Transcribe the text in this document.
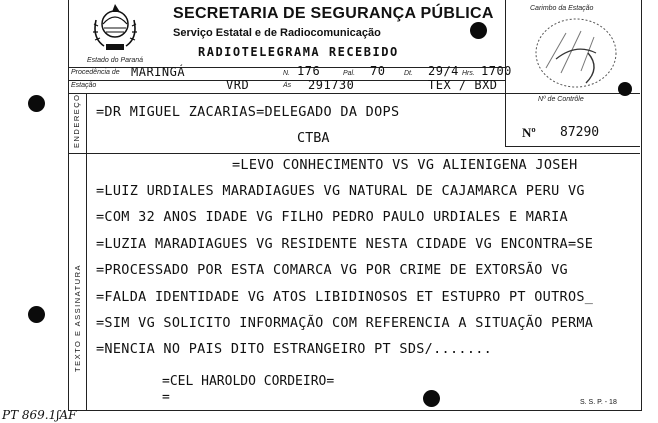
Estado do Paraná
SECRETARIA DE SEGURANÇA PÚBLICA
Serviço Estatal e de Radiocomunicação
RADIOTELEGRAMA RECEBIDO
Carimbo da Estação
Procedência de MARINGÁ	N. 176	Pal. 70	Dt. 29/4 Hrs. 1700
Estação	VRD	Às 291730	TEX / BXD
ENDEREÇO =DR MIGUEL ZACARIAS=DELEGADO DA DOPS
CTBA
Nº de Contrôle
Nº 87290
TEXTO E ASSINATURA
=LEVO CONHECIMENTO VS VG ALIENIGENA JOSEH
=LUIZ URDIALES MARADIAGUES VG NATURAL DE CAJAMARCA PERU VG
=COM 32 ANOS IDADE VG FILHO PEDRO PAULO URDIALES E MARIA
=LUZIA MARADIAGUES VG RESIDENTE NESTA CIDADE VG ENCONTRA=SE
=PROCESSADO POR ESTA COMARCA VG POR CRIME DE EXTORSÃO VG
=FALDA IDENTIDADE VG ATOS LIBIDINOSOS ET ESTUPRO PT OUTROS_
=SIM VG SOLICITO INFORMAÇÃO COM REFERENCIA A SITUAÇÃO PERMA
=NENCIA NO PAIS DITO ESTRANGEIRO PT SDS/.......
=CEL HAROLDO CORDEIRO=
=	S. S. P. - 18
PT 869.1ʃAF
